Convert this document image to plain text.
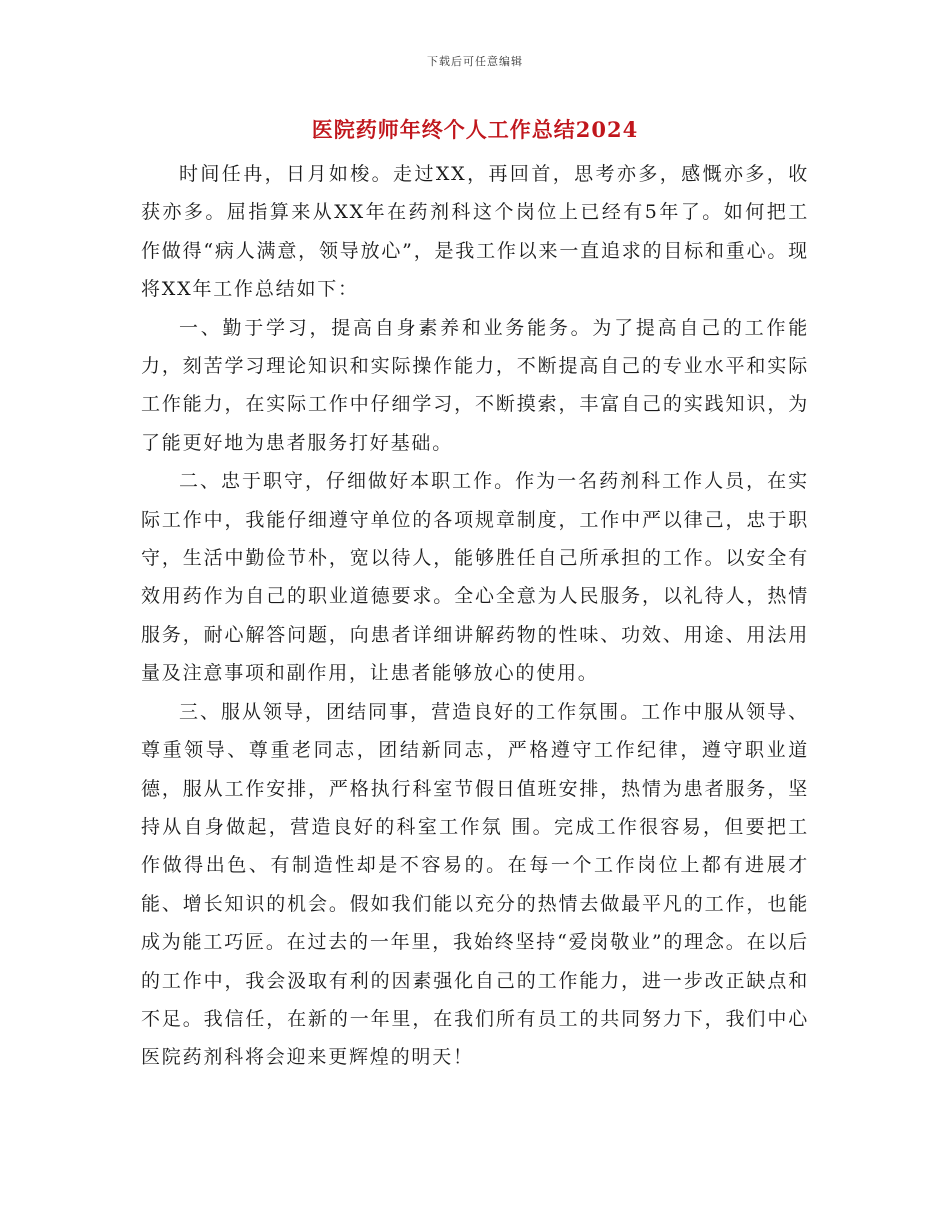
下载后可任意编辑
医院药师年终个人工作总结2024

时间任冉，日月如梭。走过XX，再回首，思考亦多，感慨亦多，收获亦多。屈指算来从XX年在药剂科这个岗位上已经有5年了。如何把工作做得“病人满意，领导放心”，是我工作以来一直追求的目标和重心。现将XX年工作总结如下：

一、勤于学习，提高自身素养和业务能务。为了提高自己的工作能力，刻苦学习理论知识和实际操作能力，不断提高自己的专业水平和实际工作能力，在实际工作中仔细学习，不断摸索，丰富自己的实践知识，为了能更好地为患者服务打好基础。

二、忠于职守，仔细做好本职工作。作为一名药剂科工作人员，在实际工作中，我能仔细遵守单位的各项规章制度，工作中严以律己，忠于职守，生活中勤俭节朴，宽以待人，能够胜任自己所承担的工作。以安全有效用药作为自己的职业道德要求。全心全意为人民服务，以礼待人，热情服务，耐心解答问题，向患者详细讲解药物的性味、功效、用途、用法用量及注意事项和副作用，让患者能够放心的使用。

三、服从领导，团结同事，营造良好的工作氛围。工作中服从领导、尊重领导、尊重老同志，团结新同志，严格遵守工作纪律，遵守职业道德，服从工作安排，严格执行科室节假日值班安排，热情为患者服务，坚持从自身做起，营造良好的科室工作氛 围。完成工作很容易，但要把工作做得出色、有制造性却是不容易的。在每一个工作岗位上都有进展才能、增长知识的机会。假如我们能以充分的热情去做最平凡的工作，也能成为能工巧匠。在过去的一年里，我始终坚持“爱岗敬业”的理念。在以后的工作中，我会汲取有利的因素强化自己的工作能力，进一步改正缺点和不足。我信任，在新的一年里，在我们所有员工的共同努力下，我们中心医院药剂科将会迎来更辉煌的明天！
